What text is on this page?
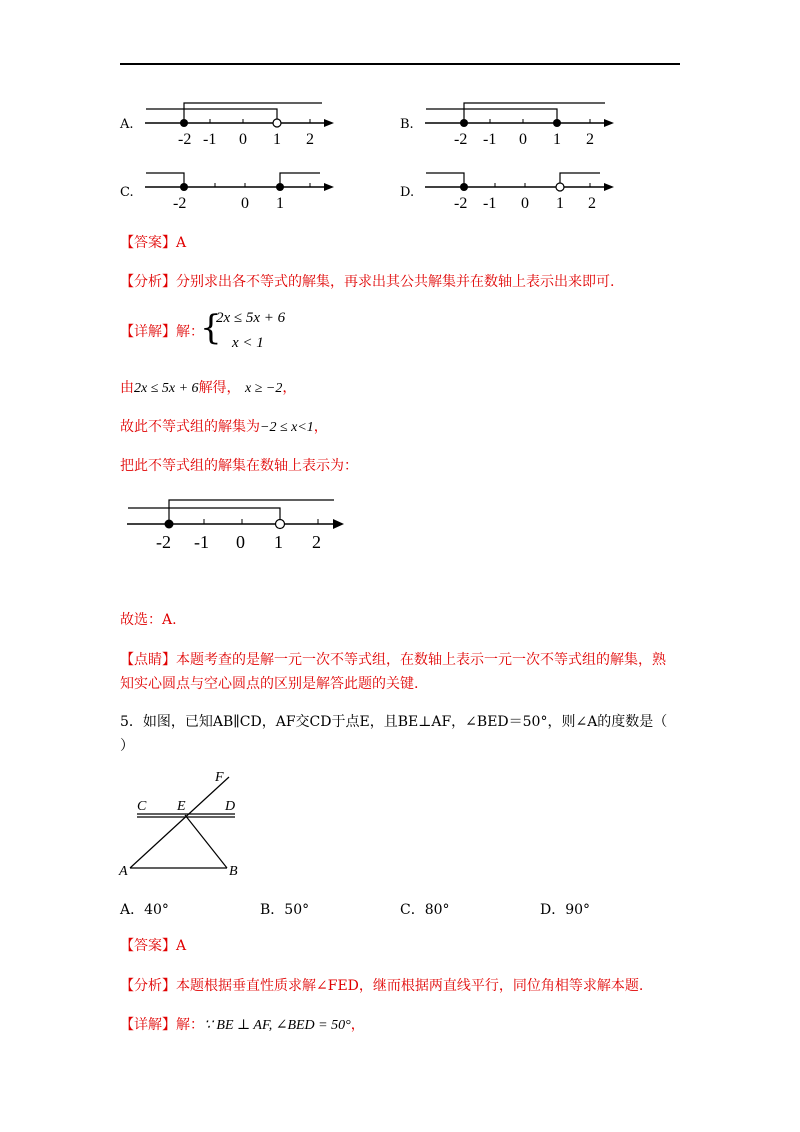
A.
-2 -1 0 1 2
B.
-2 -1 0 1 2
C.
-2	0 1
D.
-2 -1 0 1 2
【答案】A
【分析】分别求出各不等式的解集，再求出其公共解集并在数轴上表示出来即可.
【详解】解：
{
2x ≤ 5x + 6
x < 1
由2x ≤ 5x + 6解得， x ≥ −2，
故此不等式组的解集为−2 ≤ x<1，
把此不等式组的解集在数轴上表示为：
-2 -1 0 1 2
故选：A.
【点睛】本题考查的是解一元一次不等式组，在数轴上表示一元一次不等式组的解集，熟
知实心圆点与空心圆点的区别是解答此题的关键.
5．如图，已知AB∥CD，AF交CD于点E，且BE⊥AF，∠BED＝50°，则∠A的度数是（
）
F
C E	D
A	B
A．40°	B．50°	C．80°	D．90°
【答案】A
【分析】本题根据垂直性质求解∠FED，继而根据两直线平行，同位角相等求解本题.
【详解】解：∵ BE ⊥ AF, ∠BED = 50°，
